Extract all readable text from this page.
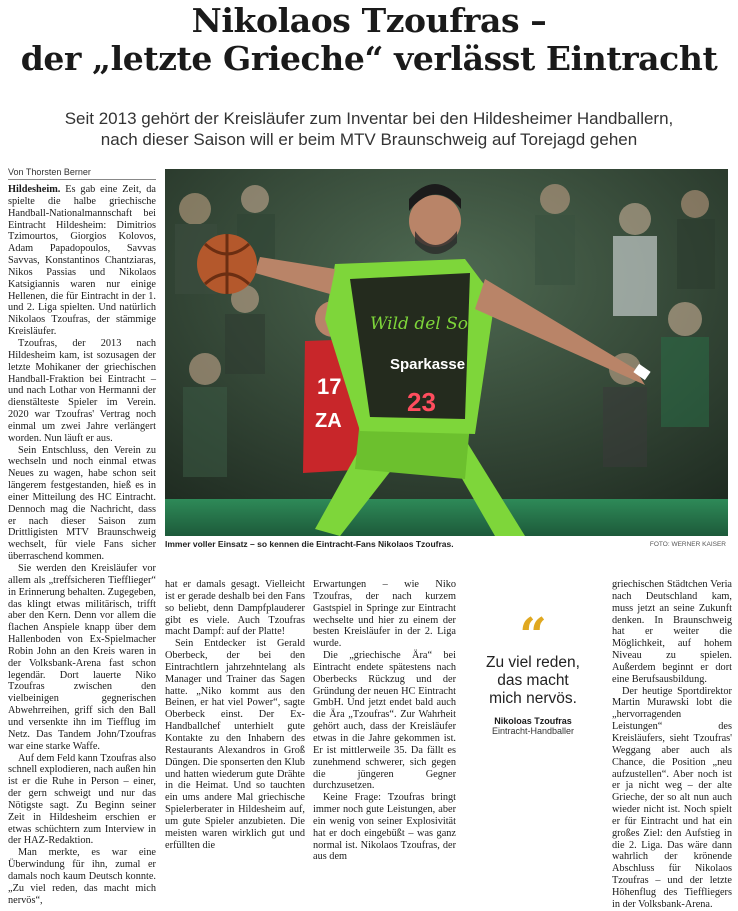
Nikolaos Tzoufras –
der „letzte Grieche“ verlässt Eintracht
Seit 2013 gehört der Kreisläufer zum Inventar bei den Hildesheimer Handballern,
nach dieser Saison will er beim MTV Braunschweig auf Torejagd gehen
Von Thorsten Berner

Hildesheim. Es gab eine Zeit, da spielte die halbe griechische Handball-Nationalmannschaft bei Eintracht Hildesheim: Dimitrios Tzimourtos, Giorgios Kolovos, Adam Papadopoulos, Savvas Savvas, Konstantinos Chantziaras, Nikos Passias und Nikolaos Katsigiannis waren nur einige Hellenen, die für Eintracht in der 1. und 2. Liga spielten. Und natürlich Nikolaos Tzoufras, der stämmige Kreisläufer.

Tzoufras, der 2013 nach Hildesheim kam, ist sozusagen der letzte Mohikaner der griechischen Handball-Fraktion bei Eintracht – und nach Lothar von Hermanni der dienstälteste Spieler im Verein. 2020 war Tzoufras' Vertrag noch einmal um zwei Jahre verlängert worden. Nun läuft er aus.

Sein Entschluss, den Verein zu wechseln und noch einmal etwas Neues zu wagen, habe schon seit längerem festgestanden, hieß es in einer Mitteilung des HC Eintracht. Dennoch mag die Nachricht, dass er nach dieser Saison zum Drittligisten MTV Braunschweig wechselt, für viele Fans sicher überraschend kommen.

Sie werden den Kreisläufer vor allem als „treffsicheren Tiefflieger“ in Erinnerung behalten. Zugegeben, das klingt etwas militärisch, trifft aber den Kern. Denn vor allem die flachen Anspiele knapp über dem Hallenboden von Ex-Spielmacher Robin John an den Kreis waren in der Volksbank-Arena fast schon legendär. Dort lauerte Niko Tzoufras zwischen den vielbeinigen gegnerischen Abwehrreihen, griff sich den Ball und versenkte ihn im Tiefflug im Netz. Das Tandem John/Tzoufras war eine starke Waffe.

Auf dem Feld kann Tzoufras also schnell explodieren, nach außen hin ist er die Ruhe in Person – einer, der gern schweigt und nur das Nötigste sagt. Zu Beginn seiner Zeit in Hildesheim erschien er etwas schüchtern zum Interview in der HAZ-Redaktion.

Man merkte, es war eine Überwindung für ihn, zumal er damals noch kaum Deutsch konnte. „Zu viel reden, das macht mich nervös“,

17
ZA
Wild del Sol
Sparkasse
23
Immer voller Einsatz – so kennen die Eintracht-Fans Nikolaos Tzoufras.	FOTO: WERNER KAISER

hat er damals gesagt. Vielleicht ist er gerade deshalb bei den Fans so beliebt, denn Dampfplauderer gibt es viele. Auch Tzoufras macht Dampf: auf der Platte!

Sein Entdecker ist Gerald Oberbeck, der bei den Eintrachtlern jahrzehntelang als Manager und Trainer das Sagen hatte. „Niko kommt aus den Beinen, er hat viel Power“, sagte Oberbeck einst. Der Ex-Handballchef unterhielt gute Kontakte zu den Inhabern des Restaurants Alexandros in Groß Düngen. Die sponserten den Klub und hatten wiederum gute Drähte in die Heimat. Und so tauchten ein ums andere Mal griechische Spielerberater in Hildesheim auf, um gute Spieler anzubieten. Die meisten waren wirklich gut und erfüllten die

Erwartungen – wie Niko Tzoufras, der nach kurzem Gastspiel in Springe zur Eintracht wechselte und hier zu einem der besten Kreisläufer in der 2. Liga wurde.

Die „griechische Ära“ bei Eintracht endete spätestens nach Oberbecks Rückzug und der Gründung der neuen HC Eintracht GmbH. Und jetzt endet bald auch die Ära „Tzoufras“. Zur Wahrheit gehört auch, dass der Kreisläufer etwas in die Jahre gekommen ist. Er ist mittlerweile 35. Da fällt es zunehmend schwerer, sich gegen die jüngeren Gegner durchzusetzen.

Keine Frage: Tzoufras bringt immer noch gute Leistungen, aber ein wenig von seiner Explosivität hat er doch eingebüßt – was ganz normal ist. Nikolaos Tzoufras, der aus dem

“
Zu viel reden,
das macht
mich nervös.
Nikoloas Tzoufras
Eintracht-Handballer

griechischen Städtchen Veria nach Deutschland kam, muss jetzt an seine Zukunft denken. In Braunschweig hat er weiter die Möglichkeit, auf hohem Niveau zu spielen. Außerdem beginnt er dort eine Berufsausbildung.

Der heutige Sportdirektor Martin Murawski lobt die „hervorragenden Leistungen“ des Kreisläufers, sieht Tzoufras' Weggang aber auch als Chance, die Position „neu aufzustellen“. Aber noch ist er ja nicht weg – der alte Grieche, der so alt nun auch wieder nicht ist. Noch spielt er für Eintracht und hat ein großes Ziel: den Aufstieg in die 2. Liga. Das wäre dann wahrlich der krönende Abschluss für Nikolaos Tzoufras – und der letzte Höhenflug des Tieffliegers in der Volksbank-Arena.
